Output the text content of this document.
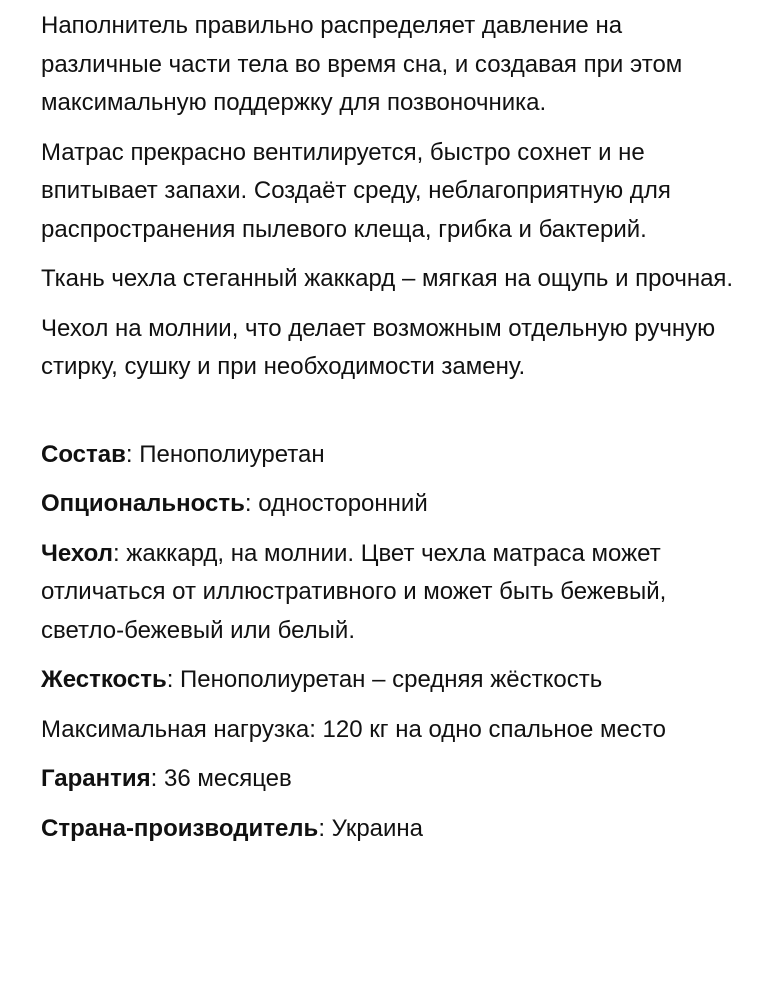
Наполнитель правильно распределяет давление на различные части тела во время сна, и создавая при этом максимальную поддержку для позвоночника.

Матрас прекрасно вентилируется, быстро сохнет и не впитывает запахи. Создаёт среду, неблагоприятную для распространения пылевого клеща, грибка и бактерий.

Ткань чехла стеганный жаккард – мягкая на ощупь и прочная.

Чехол на молнии, что делает возможным отдельную ручную стирку, сушку и при необходимости замену.

Состав: Пенополиуретан

Опциональность: односторонний

Чехол: жаккард, на молнии. Цвет чехла матраса может отличаться от иллюстративного и может быть бежевый, светло-бежевый или белый.

Жесткость: Пенополиуретан – средняя жёсткость

Максимальная нагрузка: 120 кг на одно спальное место

Гарантия: 36 месяцев

Страна-производитель: Украина
